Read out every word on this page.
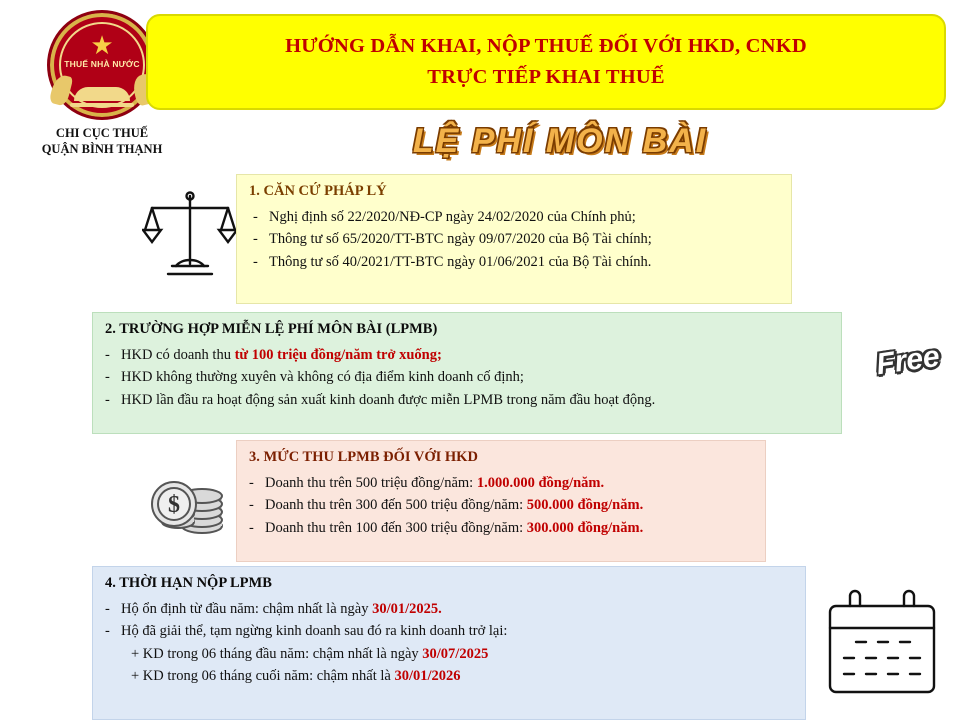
★
THUẾ NHÀ NƯỚC
CHI CỤC THUẾ
QUẬN BÌNH THẠNH
HƯỚNG DẪN KHAI, NỘP THUẾ ĐỐI VỚI HKD, CNKD
TRỰC TIẾP KHAI THUẾ
LỆ PHÍ MÔN BÀI
1. CĂN CỨ PHÁP LÝ
- Nghị định số 22/2020/NĐ-CP ngày 24/02/2020 của Chính phủ;
- Thông tư số 65/2020/TT-BTC ngày 09/07/2020 của Bộ Tài chính;
- Thông tư số 40/2021/TT-BTC ngày 01/06/2021 của Bộ Tài chính.
2. TRƯỜNG HỢP MIỄN LỆ PHÍ MÔN BÀI (LPMB)
- HKD có doanh thu từ 100 triệu đồng/năm trở xuống;
- HKD không thường xuyên và không có địa điểm kinh doanh cố định;
- HKD lần đầu ra hoạt động sản xuất kinh doanh được miễn LPMB trong năm đầu hoạt động.
Free
$
3. MỨC THU LPMB ĐỐI VỚI HKD
- Doanh thu trên 500 triệu đồng/năm: 1.000.000 đồng/năm.
- Doanh thu trên 300 đến 500 triệu đồng/năm: 500.000 đồng/năm.
- Doanh thu trên 100 đến 300 triệu đồng/năm: 300.000 đồng/năm.
4. THỜI HẠN NỘP LPMB
- Hộ ổn định từ đầu năm: chậm nhất là ngày 30/01/2025.
- Hộ đã giải thể, tạm ngừng kinh doanh sau đó ra kinh doanh trở lại:
+ KD trong 06 tháng đầu năm: chậm nhất là ngày 30/07/2025
+ KD trong 06 tháng cuối năm: chậm nhất là 30/01/2026
